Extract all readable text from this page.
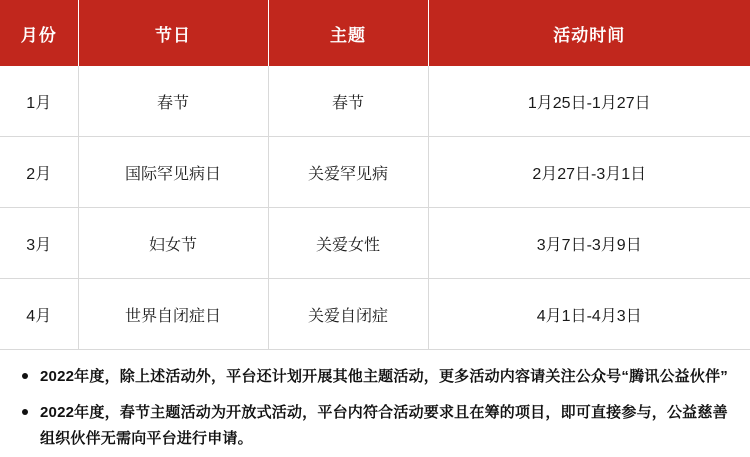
月份	节日	主题	活动时间
1月	春节	春节	1月25日-1月27日
2月	国际罕见病日	关爱罕见病	2月27日-3月1日
3月	妇女节	关爱女性	3月7日-3月9日
4月	世界自闭症日	关爱自闭症	4月1日-4月3日
2022年度，除上述活动外，平台还计划开展其他主题活动，更多活动内容请关注公众号“腾讯公益伙伴”
2022年度，春节主题活动为开放式活动，平台内符合活动要求且在筹的项目，即可直接参与，公益慈善组织伙伴无需向平台进行申请。
